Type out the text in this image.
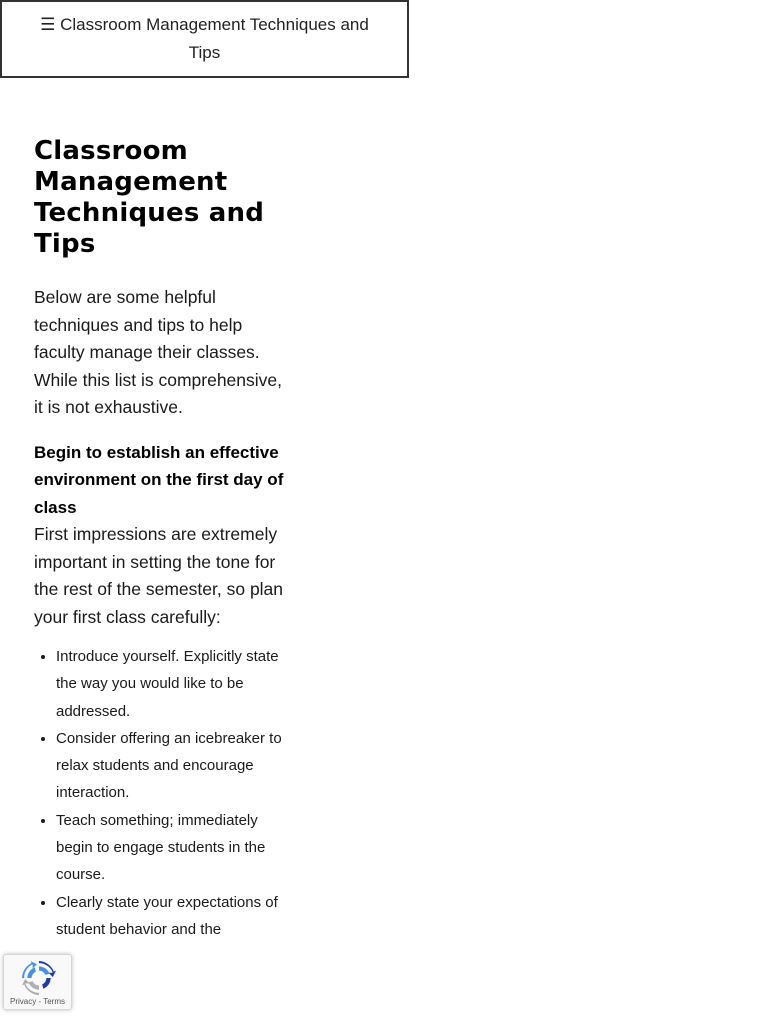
☰ Classroom Management Techniques and Tips
Classroom Management Techniques and Tips

Below are some helpful techniques and tips to help faculty manage their classes. While this list is comprehensive, it is not exhaustive.

Begin to establish an effective environment on the first day of class

First impressions are extremely important in setting the tone for the rest of the semester, so plan your first class carefully:

• Introduce yourself. Explicitly state the way you would like to be addressed.
• Consider offering an icebreaker to relax students and encourage interaction.
• Teach something; immediately begin to engage students in the course.
• Clearly state your expectations of student behavior and the
Privacy - Terms
